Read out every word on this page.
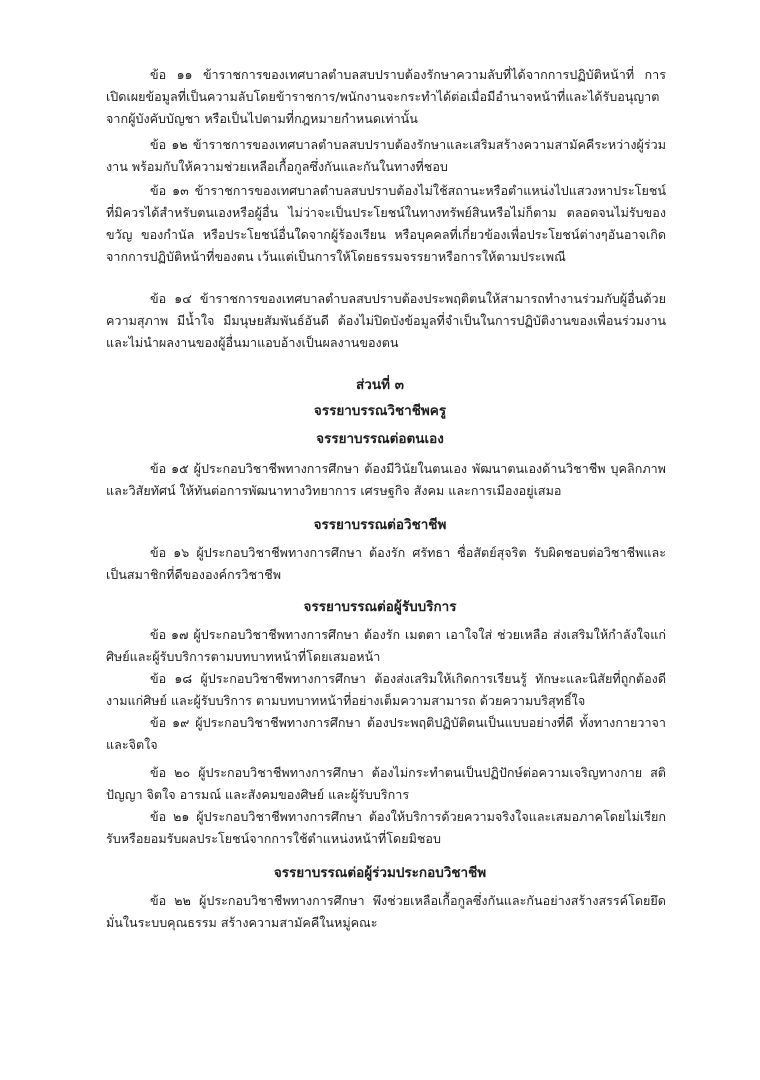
ข้อ ๑๑ ข้าราชการของเทศบาลตำบลสบปราบต้องรักษาความลับที่ได้จากการปฏิบัติหน้าที่ การเปิดเผยข้อมูลที่เป็นความลับโดยข้าราชการ/พนักงานจะกระทำได้ต่อเมื่อมีอำนาจหน้าที่และได้รับอนุญาตจากผู้บังคับบัญชา หรือเป็นไปตามที่กฎหมายกำหนดเท่านั้น

ข้อ ๑๒ ข้าราชการของเทศบาลตำบลสบปราบต้องรักษาและเสริมสร้างความสามัคคีระหว่างผู้ร่วมงาน พร้อมกับให้ความช่วยเหลือเกื้อกูลซึ่งกันและกันในทางที่ชอบ

ข้อ ๑๓ ข้าราชการของเทศบาลตำบลสบปราบต้องไม่ใช้สถานะหรือตำแหน่งไปแสวงหาประโยชน์ที่มิควรได้สำหรับตนเองหรือผู้อื่น ไม่ว่าจะเป็นประโยชน์ในทางทรัพย์สินหรือไม่ก็ตาม ตลอดจนไม่รับของขวัญ ของกำนัล หรือประโยชน์อื่นใดจากผู้ร้องเรียน หรือบุคคลที่เกี่ยวข้องเพื่อประโยชน์ต่างๆอันอาจเกิดจากการปฏิบัติหน้าที่ของตน เว้นแต่เป็นการให้โดยธรรมจรรยาหรือการให้ตามประเพณี

ข้อ ๑๔ ข้าราชการของเทศบาลตำบลสบปราบต้องประพฤติตนให้สามารถทำงานร่วมกับผู้อื่นด้วยความสุภาพ มีน้ำใจ มีมนุษยสัมพันธ์อันดี ต้องไม่ปิดบังข้อมูลที่จำเป็นในการปฏิบัติงานของเพื่อนร่วมงาน และไม่นำผลงานของผู้อื่นมาแอบอ้างเป็นผลงานของตน

ส่วนที่ ๓

จรรยาบรรณวิชาชีพครู

จรรยาบรรณต่อตนเอง

ข้อ ๑๕ ผู้ประกอบวิชาชีพทางการศึกษา ต้องมีวินัยในตนเอง พัฒนาตนเองด้านวิชาชีพ บุคลิกภาพ และวิสัยทัศน์ ให้ทันต่อการพัฒนาทางวิทยาการ เศรษฐกิจ สังคม และการเมืองอยู่เสมอ

จรรยาบรรณต่อวิชาชีพ

ข้อ ๑๖ ผู้ประกอบวิชาชีพทางการศึกษา ต้องรัก ศรัทธา ซื่อสัตย์สุจริต รับผิดชอบต่อวิชาชีพและเป็นสมาชิกที่ดีขององค์กรวิชาชีพ

จรรยาบรรณต่อผู้รับบริการ

ข้อ ๑๗ ผู้ประกอบวิชาชีพทางการศึกษา ต้องรัก เมตตา เอาใจใส่ ช่วยเหลือ ส่งเสริมให้กำลังใจแก่ศิษย์และผู้รับบริการตามบทบาทหน้าที่โดยเสมอหน้า

ข้อ ๑๘ ผู้ประกอบวิชาชีพทางการศึกษา ต้องส่งเสริมให้เกิดการเรียนรู้ ทักษะและนิสัยที่ถูกต้องดีงามแก่ศิษย์ และผู้รับบริการ ตามบทบาทหน้าที่อย่างเต็มความสามารถ ด้วยความบริสุทธิ์ใจ

ข้อ ๑๙ ผู้ประกอบวิชาชีพทางการศึกษา ต้องประพฤติปฏิบัติตนเป็นแบบอย่างที่ดี ทั้งทางกายวาจาและจิตใจ

ข้อ ๒๐ ผู้ประกอบวิชาชีพทางการศึกษา ต้องไม่กระทำตนเป็นปฏิปักษ์ต่อความเจริญทางกาย สติปัญญา จิตใจ อารมณ์ และสังคมของศิษย์ และผู้รับบริการ

ข้อ ๒๑ ผู้ประกอบวิชาชีพทางการศึกษา ต้องให้บริการด้วยความจริงใจและเสมอภาคโดยไม่เรียกรับหรือยอมรับผลประโยชน์จากการใช้ตำแหน่งหน้าที่โดยมิชอบ

จรรยาบรรณต่อผู้ร่วมประกอบวิชาชีพ

ข้อ ๒๒ ผู้ประกอบวิชาชีพทางการศึกษา พึงช่วยเหลือเกื้อกูลซึ่งกันและกันอย่างสร้างสรรค์โดยยึดมั่นในระบบคุณธรรม สร้างความสามัคคีในหมู่คณะ
